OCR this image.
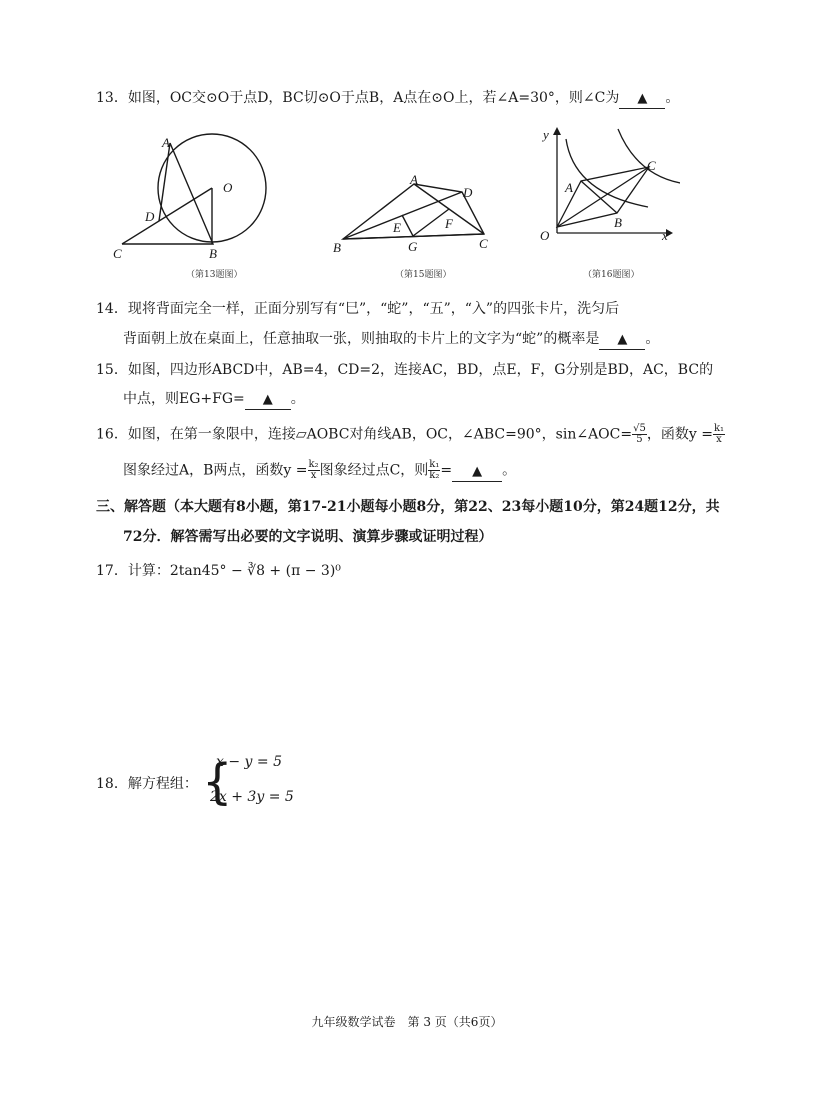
13．如图，OC交⊙O于点D，BC切⊙O于点B，A点在⊙O上，若∠A=30°，则∠C为 ▲ 。
A
O
D
C	B
（第13题图）
A
D
E	F
B	G	C
（第15题图）
y
A
C
B
O	x
（第16题图）
14．现将背面完全一样，正面分别写有“巳”，“蛇”，“五”，“入”的四张卡片，洗匀后
背面朝上放在桌面上，任意抽取一张，则抽取的卡片上的文字为“蛇”的概率是 ▲ 。
15．如图，四边形ABCD中，AB=4，CD=2，连接AC，BD，点E，F，G分别是BD，AC，BC的
中点，则EG+FG= ▲ 。
16．如图，在第一象限中，连接▱AOBC对角线AB，OC，∠ABC=90°，sin∠AOC= $\frac{√5}{5}$ ，函数$y = \frac{\text{k₁}}{x}$
图象经过A，B两点，函数$y = \frac{\text{k₂}}{x}$ 图象经过点C，则 $\frac{\text{k₁}}{\text{k₂}}$ = ▲ 。
三、解答题（本大题有8小题，第17-21小题每小题8分，第22、23每小题10分，第24题12分，共
72分．解答需写出必要的文字说明、演算步骤或证明过程）
17．计算：2tan45° − ∛8 + (π − 3)⁰
18．解方程组： {
x − y = 5
2x + 3y = 5
九年级数学试卷　第 3 页（共6页）
